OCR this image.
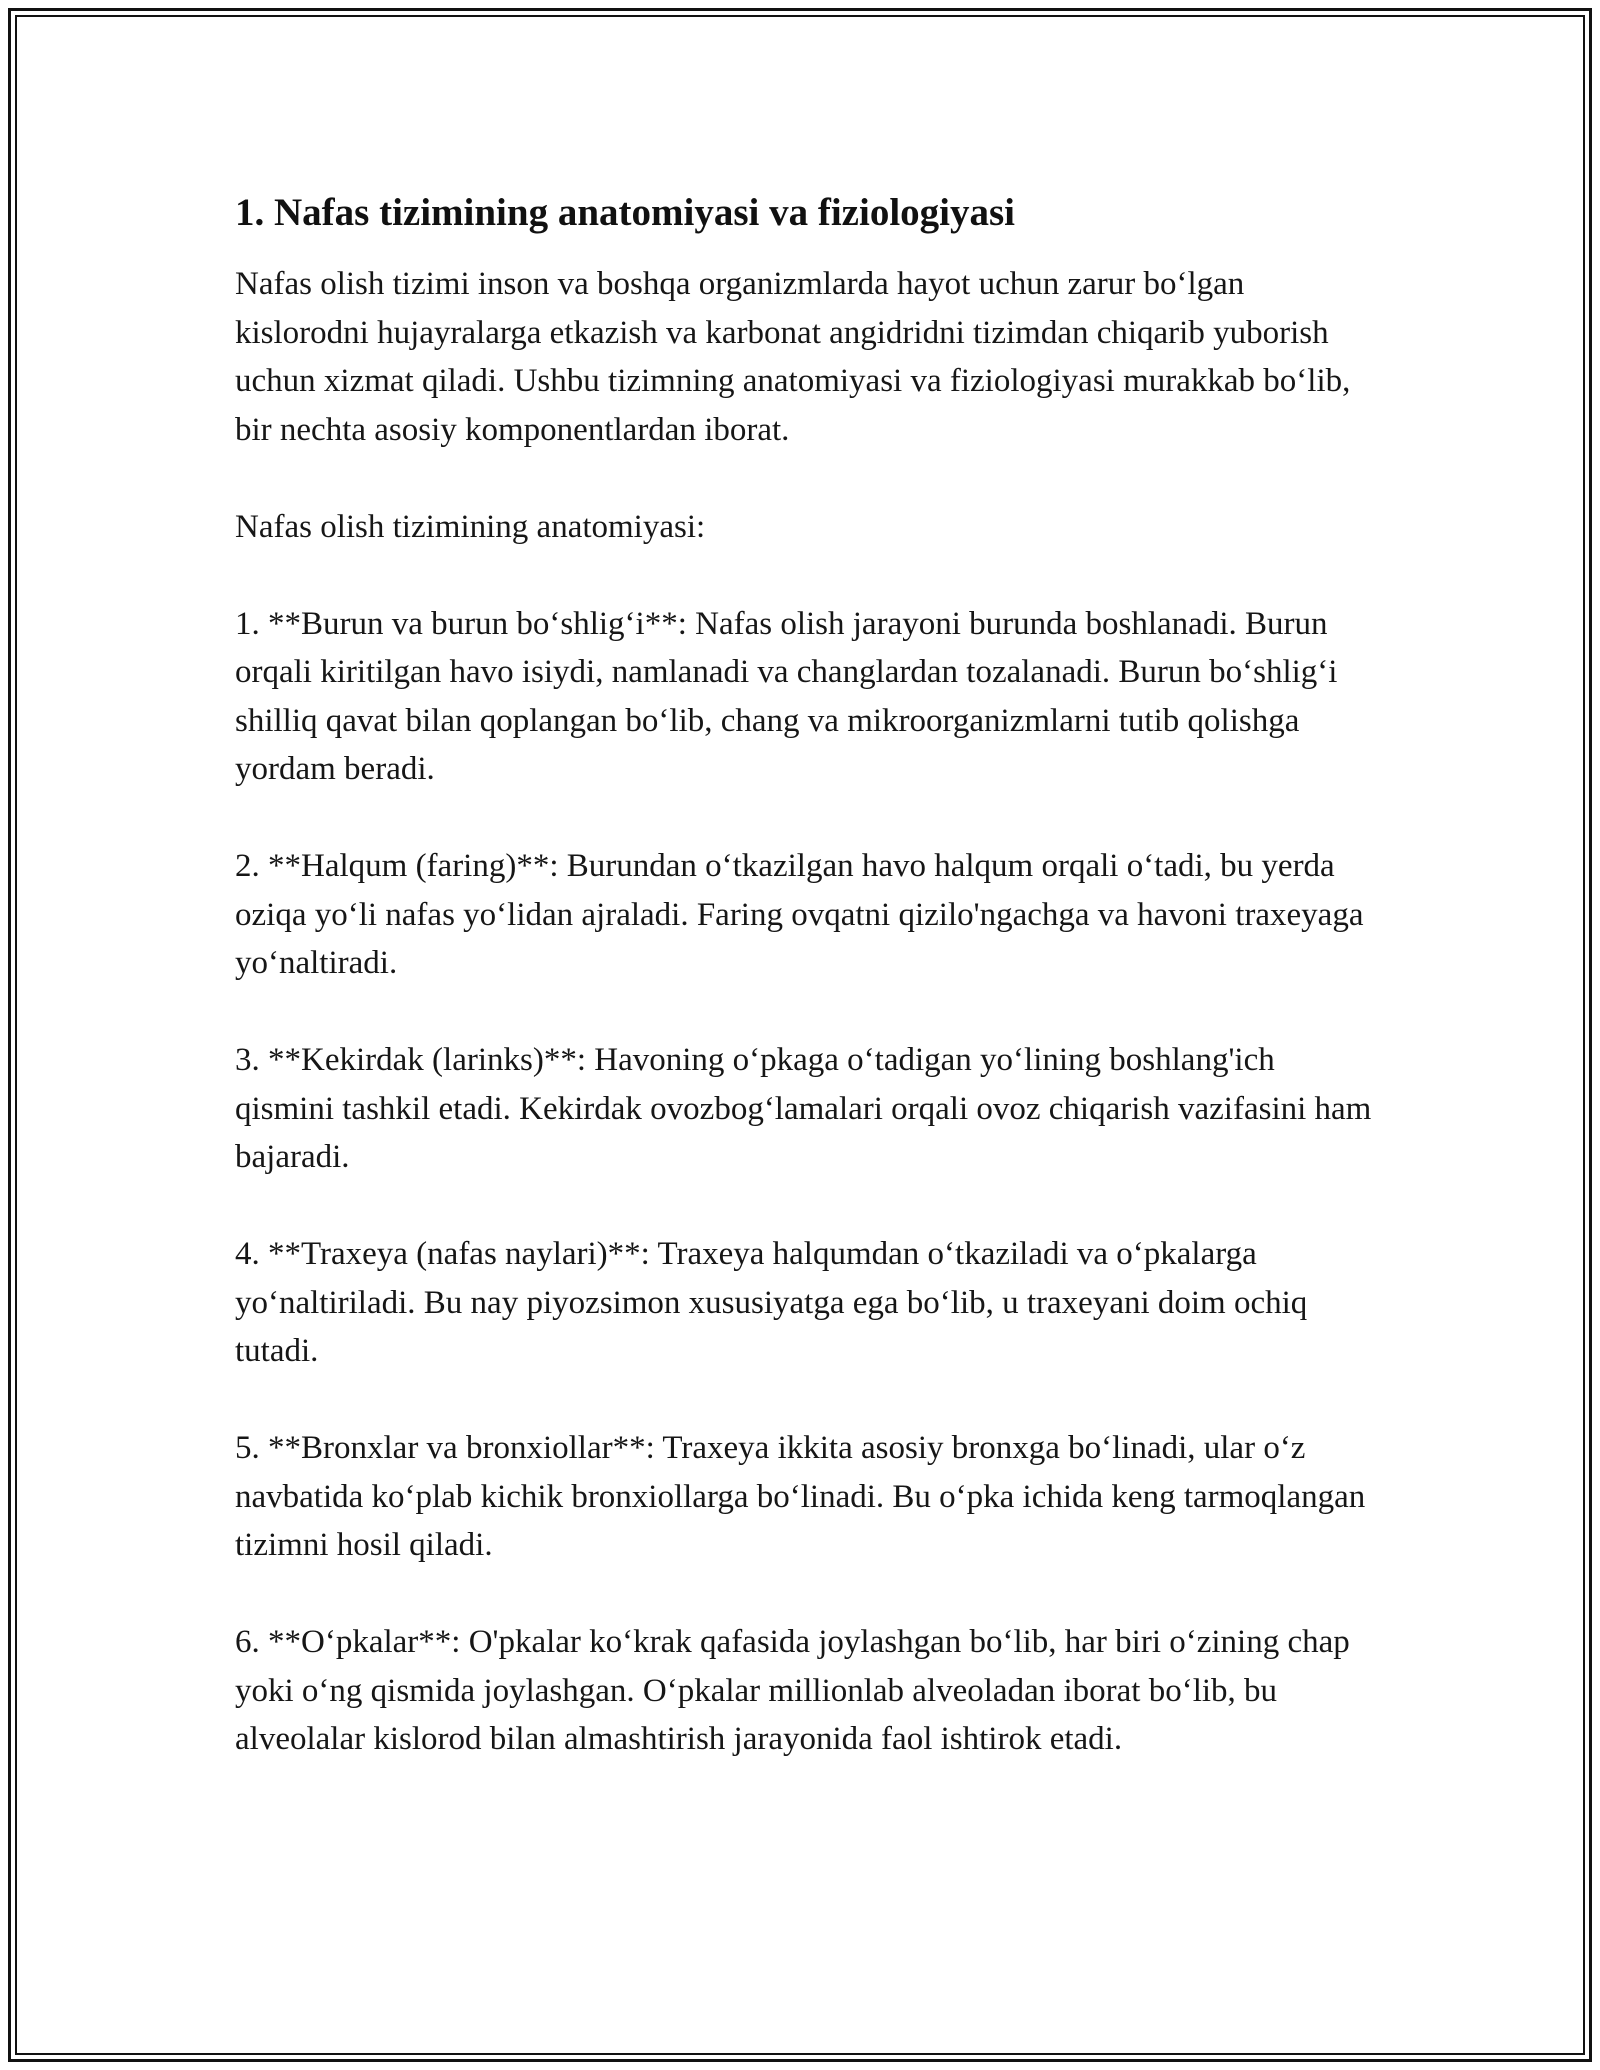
1. Nafas tizimining anatomiyasi va fiziologiyasi

Nafas olish tizimi inson va boshqa organizmlarda hayot uchun zarur bo‘lgan kislorodni hujayralarga etkazish va karbonat angidridni tizimdan chiqarib yuborish uchun xizmat qiladi. Ushbu tizimning anatomiyasi va fiziologiyasi murakkab bo‘lib, bir nechta asosiy komponentlardan iborat.

Nafas olish tizimining anatomiyasi:

1. **Burun va burun bo‘shlig‘i**: Nafas olish jarayoni burunda boshlanadi. Burun orqali kiritilgan havo isiydi, namlanadi va changlardan tozalanadi. Burun bo‘shlig‘i shilliq qavat bilan qoplangan bo‘lib, chang va mikroorganizmlarni tutib qolishga yordam beradi.

2. **Halqum (faring)**: Burundan o‘tkazilgan havo halqum orqali o‘tadi, bu yerda oziqa yo‘li nafas yo‘lidan ajraladi. Faring ovqatni qizilo'ngachga va havoni traxeyaga yo‘naltiradi.

3. **Kekirdak (larinks)**: Havoning o‘pkaga o‘tadigan yo‘lining boshlang'ich qismini tashkil etadi. Kekirdak ovozbog‘lamalari orqali ovoz chiqarish vazifasini ham bajaradi.

4. **Traxeya (nafas naylari)**: Traxeya halqumdan o‘tkaziladi va o‘pkalarga yo‘naltiriladi. Bu nay piyozsimon xususiyatga ega bo‘lib, u traxeyani doim ochiq tutadi.

5. **Bronxlar va bronxiollar**: Traxeya ikkita asosiy bronxga bo‘linadi, ular o‘z navbatida ko‘plab kichik bronxiollarga bo‘linadi. Bu o‘pka ichida keng tarmoqlangan tizimni hosil qiladi.

6. **O‘pkalar**: O'pkalar ko‘krak qafasida joylashgan bo‘lib, har biri o‘zining chap yoki o‘ng qismida joylashgan. O‘pkalar millionlab alveoladan iborat bo‘lib, bu alveolalar kislorod bilan almashtirish jarayonida faol ishtirok etadi.
